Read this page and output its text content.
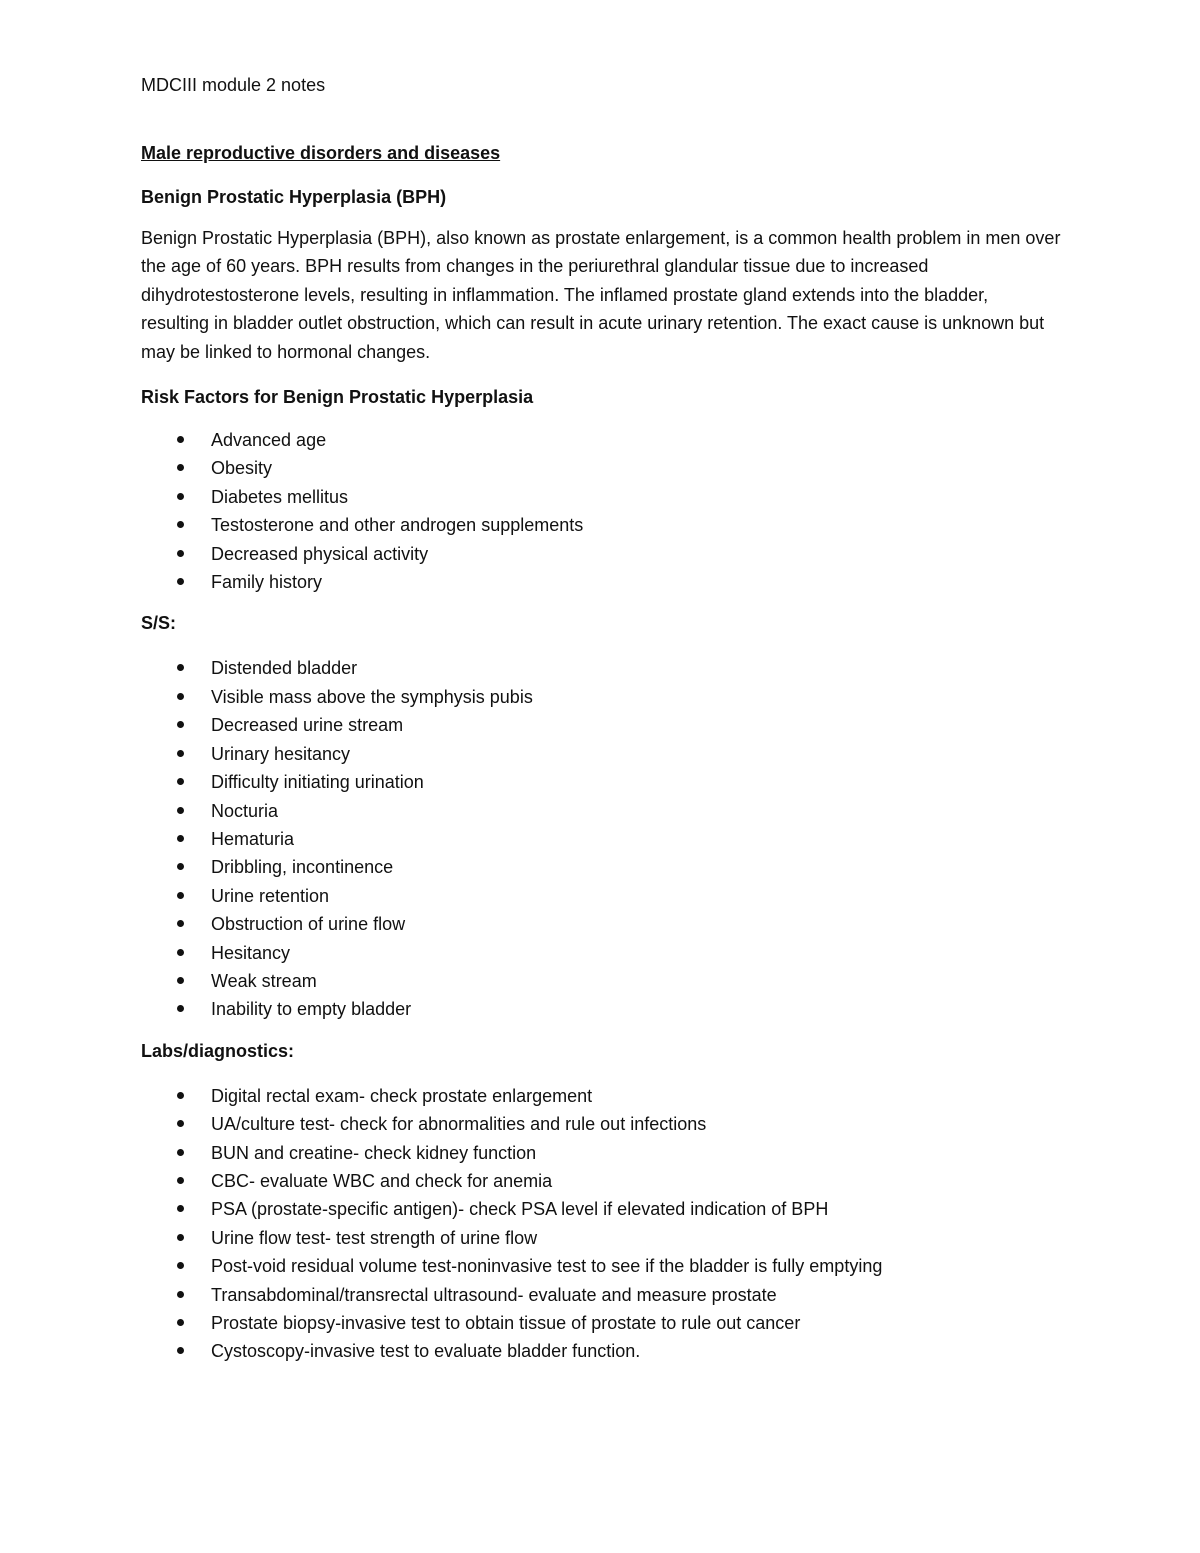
MDCIII module 2 notes

Male reproductive disorders and diseases

Benign Prostatic Hyperplasia (BPH)

Benign Prostatic Hyperplasia (BPH), also known as prostate enlargement, is a common health problem in men over the age of 60 years. BPH results from changes in the periurethral glandular tissue due to increased dihydrotestosterone levels, resulting in inflammation. The inflamed prostate gland extends into the bladder, resulting in bladder outlet obstruction, which can result in acute urinary retention. The exact cause is unknown but may be linked to hormonal changes.

Risk Factors for Benign Prostatic Hyperplasia

Advanced age
Obesity
Diabetes mellitus
Testosterone and other androgen supplements
Decreased physical activity
Family history

S/S:

Distended bladder
Visible mass above the symphysis pubis
Decreased urine stream
Urinary hesitancy
Difficulty initiating urination
Nocturia
Hematuria
Dribbling, incontinence
Urine retention
Obstruction of urine flow
Hesitancy
Weak stream
Inability to empty bladder

Labs/diagnostics:

Digital rectal exam- check prostate enlargement
UA/culture test- check for abnormalities and rule out infections
BUN and creatine- check kidney function
CBC- evaluate WBC and check for anemia
PSA (prostate-specific antigen)- check PSA level if elevated indication of BPH
Urine flow test- test strength of urine flow
Post-void residual volume test-noninvasive test to see if the bladder is fully emptying
Transabdominal/transrectal ultrasound- evaluate and measure prostate
Prostate biopsy-invasive test to obtain tissue of prostate to rule out cancer
Cystoscopy-invasive test to evaluate bladder function.
